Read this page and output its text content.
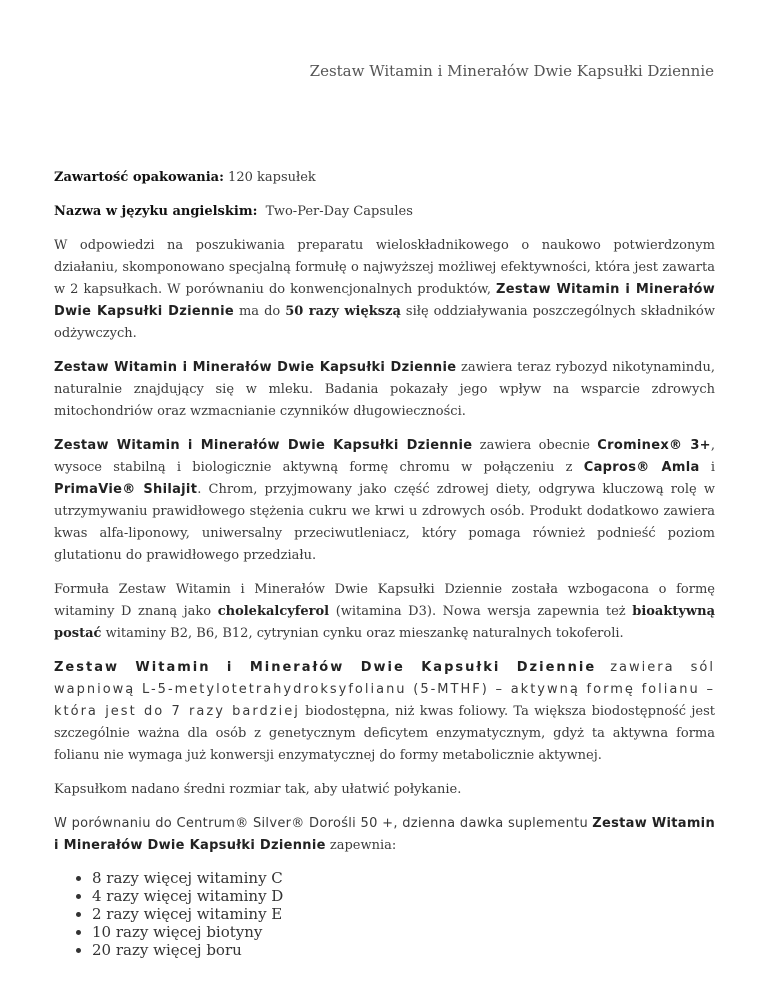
Zestaw Witamin i Minerałów Dwie Kapsułki Dziennie

Zawartość opakowania: 120 kapsułek

Nazwa w języku angielskim: Two-Per-Day Capsules

W odpowiedzi na poszukiwania preparatu wieloskładnikowego o naukowo potwierdzonym działaniu, skomponowano specjalną formułę o najwyższej możliwej efektywności, która jest zawarta w 2 kapsułkach. W porównaniu do konwencjonalnych produktów, Zestaw Witamin i Minerałów Dwie Kapsułki Dziennie ma do 50 razy większą siłę oddziaływania poszczególnych składników odżywczych.

Zestaw Witamin i Minerałów Dwie Kapsułki Dziennie zawiera teraz rybozyd nikotynamindu, naturalnie znajdujący się w mleku. Badania pokazały jego wpływ na wsparcie zdrowych mitochondriów oraz wzmacnianie czynników długowieczności.

Zestaw Witamin i Minerałów Dwie Kapsułki Dziennie zawiera obecnie Crominex® 3+, wysoce stabilną i biologicznie aktywną formę chromu w połączeniu z Capros® Amla i PrimaVie® Shilajit. Chrom, przyjmowany jako część zdrowej diety, odgrywa kluczową rolę w utrzymywaniu prawidłowego stężenia cukru we krwi u zdrowych osób. Produkt dodatkowo zawiera kwas alfa-liponowy, uniwersalny przeciwutleniacz, który pomaga również podnieść poziom glutationu do prawidłowego przedziału.

Formuła Zestaw Witamin i Minerałów Dwie Kapsułki Dziennie została wzbogacona o formę witaminy D znaną jako cholekalcyferol (witamina D3). Nowa wersja zapewnia też bioaktywną postać witaminy B2, B6, B12, cytrynian cynku oraz mieszankę naturalnych tokoferoli.

Zestaw Witamin i Minerałów Dwie Kapsułki Dziennie zawiera sól wapniową L-5-metylotetrahydroksyfolianu (5-MTHF) – aktywną formę folianu – która jest do 7 razy bardziej biodostępna, niż kwas foliowy. Ta większa biodostępność jest szczególnie ważna dla osób z genetycznym deficytem enzymatycznym, gdyż ta aktywna forma folianu nie wymaga już konwersji enzymatycznej do formy metabolicznie aktywnej.

Kapsułkom nadano średni rozmiar tak, aby ułatwić połykanie.

W porównaniu do Centrum® Silver® Dorośli 50 +, dzienna dawka suplementu Zestaw Witamin i Minerałów Dwie Kapsułki Dziennie zapewnia:

8 razy więcej witaminy C
4 razy więcej witaminy D
2 razy więcej witaminy E
10 razy więcej biotyny
20 razy więcej boru
